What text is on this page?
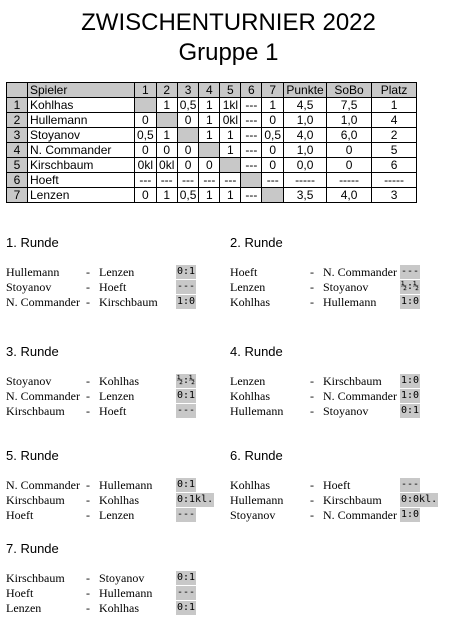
ZWISCHENTURNIER 2022
Gruppe 1
	Spieler	1	2	3	4	5	6	7	Punkte	SoBo	Platz
1	Kohlhas		1	0,5	1	1kl	---	1	4,5	7,5	1
2	Hullemann	0		0	1	0kl	---	0	1,0	1,0	4
3	Stoyanov	0,5	1		1	1	---	0,5	4,0	6,0	2
4	N. Commander	0	0	0		1	---	0	1,0	0	5
5	Kirschbaum	0kl	0kl	0	0		---	0	0,0	0	6
6	Hoeft	---	---	---	---	---		---	-----	-----	-----
7	Lenzen	0	1	0,5	1	1	---		3,5	4,0	3
1. Runde
Hullemann - Lenzen	0:1
Stoyanov	- Hoeft	---
N. Commander - Kirschbaum 1:0
2. Runde
Hoeft	- N. Commander ---
Lenzen	- Stoyanov	½:½
Kohlhas	- Hullemann 1:0
3. Runde
Stoyanov	- Kohlhas	½:½
N. Commander - Lenzen	0:1
Kirschbaum - Hoeft	---
4. Runde
Lenzen	- Kirschbaum 1:0
Kohlhas	- N. Commander 1:0
Hullemann - Stoyanov	0:1
5. Runde
N. Commander - Hullemann 0:1
Kirschbaum - Kohlhas	0:1kl.
Hoeft	- Lenzen	---
6. Runde
Kohlhas	- Hoeft	---
Hullemann - Kirschbaum 0:0kl.
Stoyanov	- N. Commander 1:0
7. Runde
Kirschbaum - Stoyanov	0:1
Hoeft	- Hullemann ---
Lenzen	- Kohlhas	0:1
